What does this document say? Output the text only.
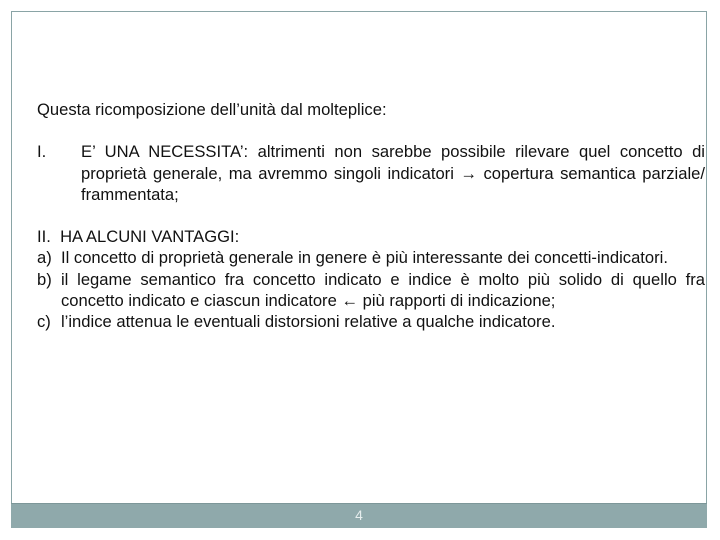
Questa ricomposizione dell’unità dal molteplice:

I.	E’ UNA NECESSITA’: altrimenti non sarebbe possibile rilevare quel concetto di proprietà generale, ma avremmo singoli indicatori → copertura semantica parziale/ frammentata;
II. HA ALCUNI VANTAGGI:
a) Il concetto di proprietà generale in genere è più interessante dei concetti-indicatori.
b) il legame semantico fra concetto indicato e indice è molto più solido di quello fra concetto indicato e ciascun indicatore ← più rapporti di indicazione;
c) l’indice attenua le eventuali distorsioni relative a qualche indicatore.
4
